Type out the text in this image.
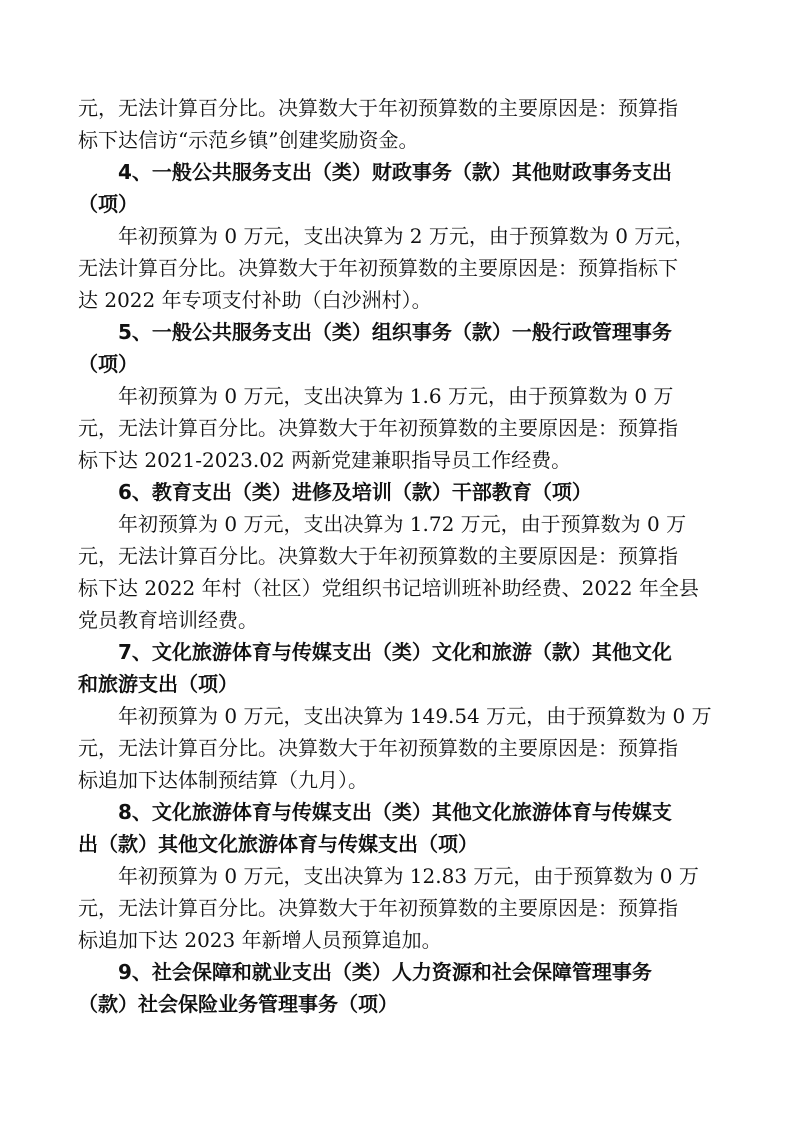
元，无法计算百分比。决算数大于年初预算数的主要原因是：预算指

标下达信访“示范乡镇”创建奖励资金。

4、一般公共服务支出（类）财政事务（款）其他财政事务支出

（项）

年初预算为 0 万元，支出决算为 2 万元，由于预算数为 0 万元，

无法计算百分比。决算数大于年初预算数的主要原因是：预算指标下

达 2022 年专项支付补助（白沙洲村）。

5、一般公共服务支出（类）组织事务（款）一般行政管理事务

（项）

年初预算为 0 万元，支出决算为 1.6 万元，由于预算数为 0 万

元，无法计算百分比。决算数大于年初预算数的主要原因是：预算指

标下达 2021-2023.02 两新党建兼职指导员工作经费。

6、教育支出（类）进修及培训（款）干部教育（项）

年初预算为 0 万元，支出决算为 1.72 万元，由于预算数为 0 万

元，无法计算百分比。决算数大于年初预算数的主要原因是：预算指

标下达 2022 年村（社区）党组织书记培训班补助经费、2022 年全县

党员教育培训经费。

7、文化旅游体育与传媒支出（类）文化和旅游（款）其他文化

和旅游支出（项）

年初预算为 0 万元，支出决算为 149.54 万元，由于预算数为 0 万

元，无法计算百分比。决算数大于年初预算数的主要原因是：预算指

标追加下达体制预结算（九月）。

8、文化旅游体育与传媒支出（类）其他文化旅游体育与传媒支

出（款）其他文化旅游体育与传媒支出（项）

年初预算为 0 万元，支出决算为 12.83 万元，由于预算数为 0 万

元，无法计算百分比。决算数大于年初预算数的主要原因是：预算指

标追加下达 2023 年新增人员预算追加。

9、社会保障和就业支出（类）人力资源和社会保障管理事务

（款）社会保险业务管理事务（项）
